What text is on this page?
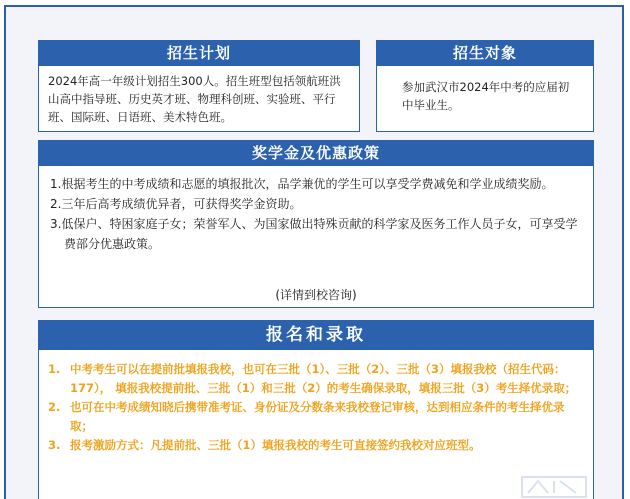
招生计划
2024年高一年级计划招生300人。招生班型包括领航班洪山高中指导班、历史英才班、物理科创班、实验班、平行班、国际班、日语班、美术特色班。
招生对象
参加武汉市2024年中考的应届初中毕业生。
奖学金及优惠政策

1.根据考生的中考成绩和志愿的填报批次，品学兼优的学生可以享受学费减免和学业成绩奖励。

2.三年后高考成绩优异者，可获得奖学金资助。

3.低保户、特困家庭子女；荣誉军人、为国家做出特殊贡献的科学家及医务工作人员子女，可享受学费部分优惠政策。

(详情到校咨询)
报名和录取
1. 中考考生可以在提前批填报我校，也可在三批（1）、三批（2）、三批（3）填报我校（招生代码：177）， 填报我校提前批、三批（1）和三批（2）的考生确保录取，填报三批（3）考生择优录取；
2. 也可在中考成绩知晓后携带准考证、身份证及分数条来我校登记审核，达到相应条件的考生择优录取；
3. 报考激励方式：凡提前批、三批（1）填报我校的考生可直接签约我校对应班型。
